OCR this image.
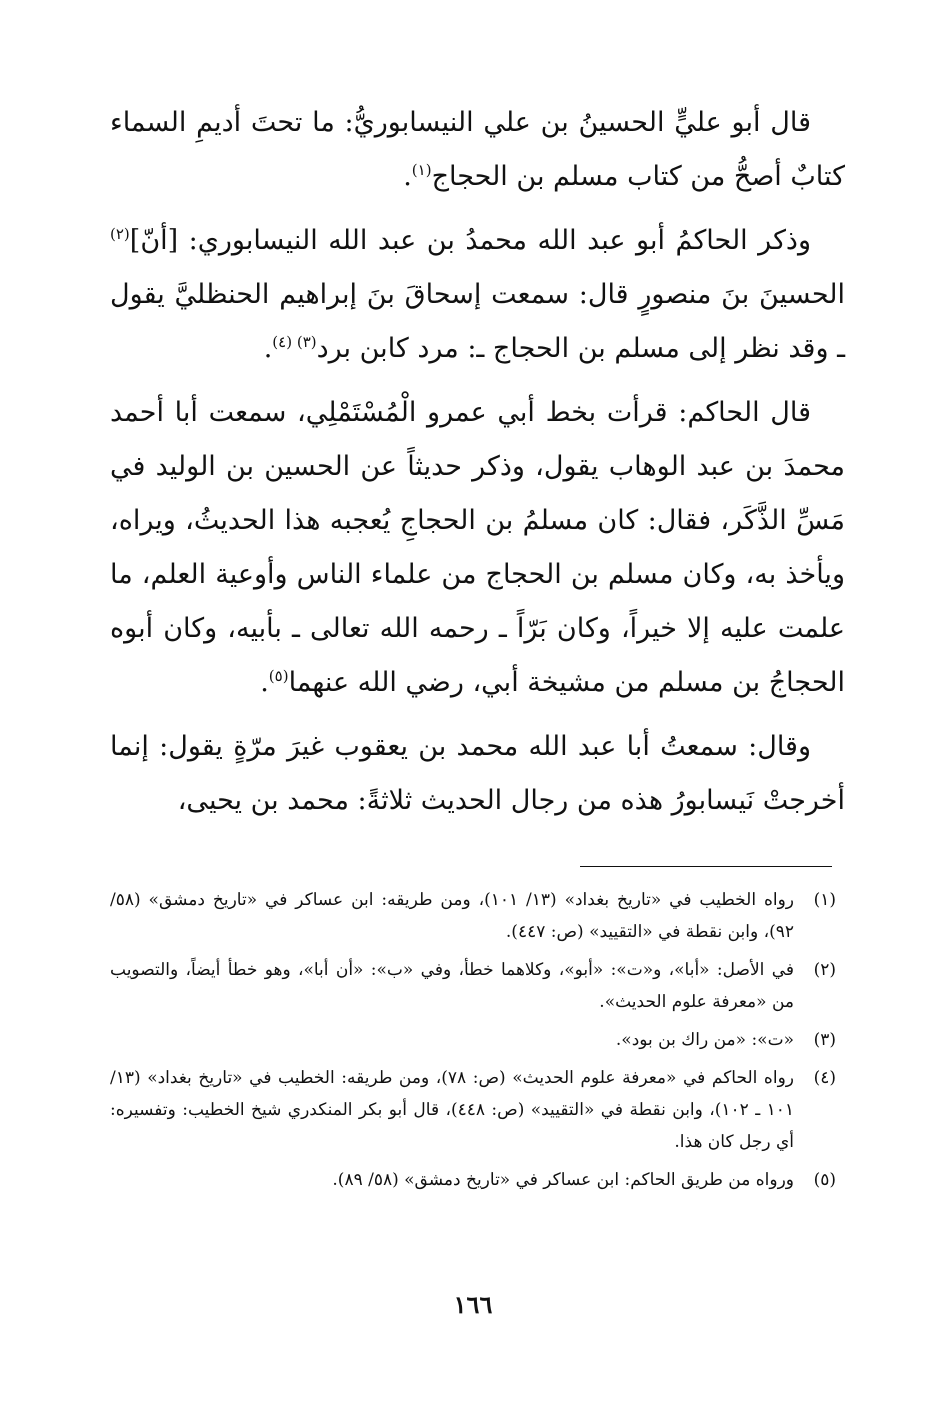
قال أبو عليٍّ الحسينُ بن علي النيسابوريُّ: ما تحتَ أديمِ السماء كتابٌ أصحُّ من كتاب مسلم بن الحجاج$^{(١)}$.

وذكر الحاكمُ أبو عبد الله محمدُ بن عبد الله النيسابوري: [أنّ]$^{(٢)}$ الحسينَ بنَ منصورٍ قال: سمعت إسحاقَ بنَ إبراهيم الحنظليَّ يقول ـ وقد نظر إلى مسلم بن الحجاج ـ: مرد كابن برد$^{(٣) (٤)}$.

قال الحاكم: قرأت بخط أبي عمرو الْمُسْتَمْلِي، سمعت أبا أحمد محمدَ بن عبد الوهاب يقول، وذكر حديثاً عن الحسين بن الوليد في مَسِّ الذَّكَر، فقال: كان مسلمُ بن الحجاجِ يُعجبه هذا الحديثُ، ويراه، ويأخذ به، وكان مسلم بن الحجاج من علماء الناس وأوعية العلم، ما علمت عليه إلا خيراً، وكان بَرّاً ـ رحمه الله تعالى ـ بأبيه، وكان أبوه الحجاجُ بن مسلم من مشيخة أبي، رضي الله عنهما$^{(٥)}$.

وقال: سمعتُ أبا عبد الله محمد بن يعقوب غيرَ مرّةٍ يقول: إنما أخرجتْ نَيسابورُ هذه من رجال الحديث ثلاثةً: محمد بن يحيى،

(١)
رواه الخطيب في «تاريخ بغداد» (١٣/ ١٠١)، ومن طريقه: ابن عساكر في «تاريخ دمشق» (٥٨/ ٩٢)، وابن نقطة في «التقييد» (ص: ٤٤٧).
(٢)
في الأصل: «أبا»، و«ت»: «أبو»، وكلاهما خطأ، وفي «ب»: «أن أبا»، وهو خطأ أيضاً، والتصويب من «معرفة علوم الحديث».
(٣)
«ت»: «من راك بن بود».
(٤)
رواه الحاكم في «معرفة علوم الحديث» (ص: ٧٨)، ومن طريقه: الخطيب في «تاريخ بغداد» (١٣/ ١٠١ ـ ١٠٢)، وابن نقطة في «التقييد» (ص: ٤٤٨)، قال أبو بكر المنكدري شيخ الخطيب: وتفسيره: أي رجل كان هذا.
(٥)
ورواه من طريق الحاكم: ابن عساكر في «تاريخ دمشق» (٥٨/ ٨٩).
١٦٦
